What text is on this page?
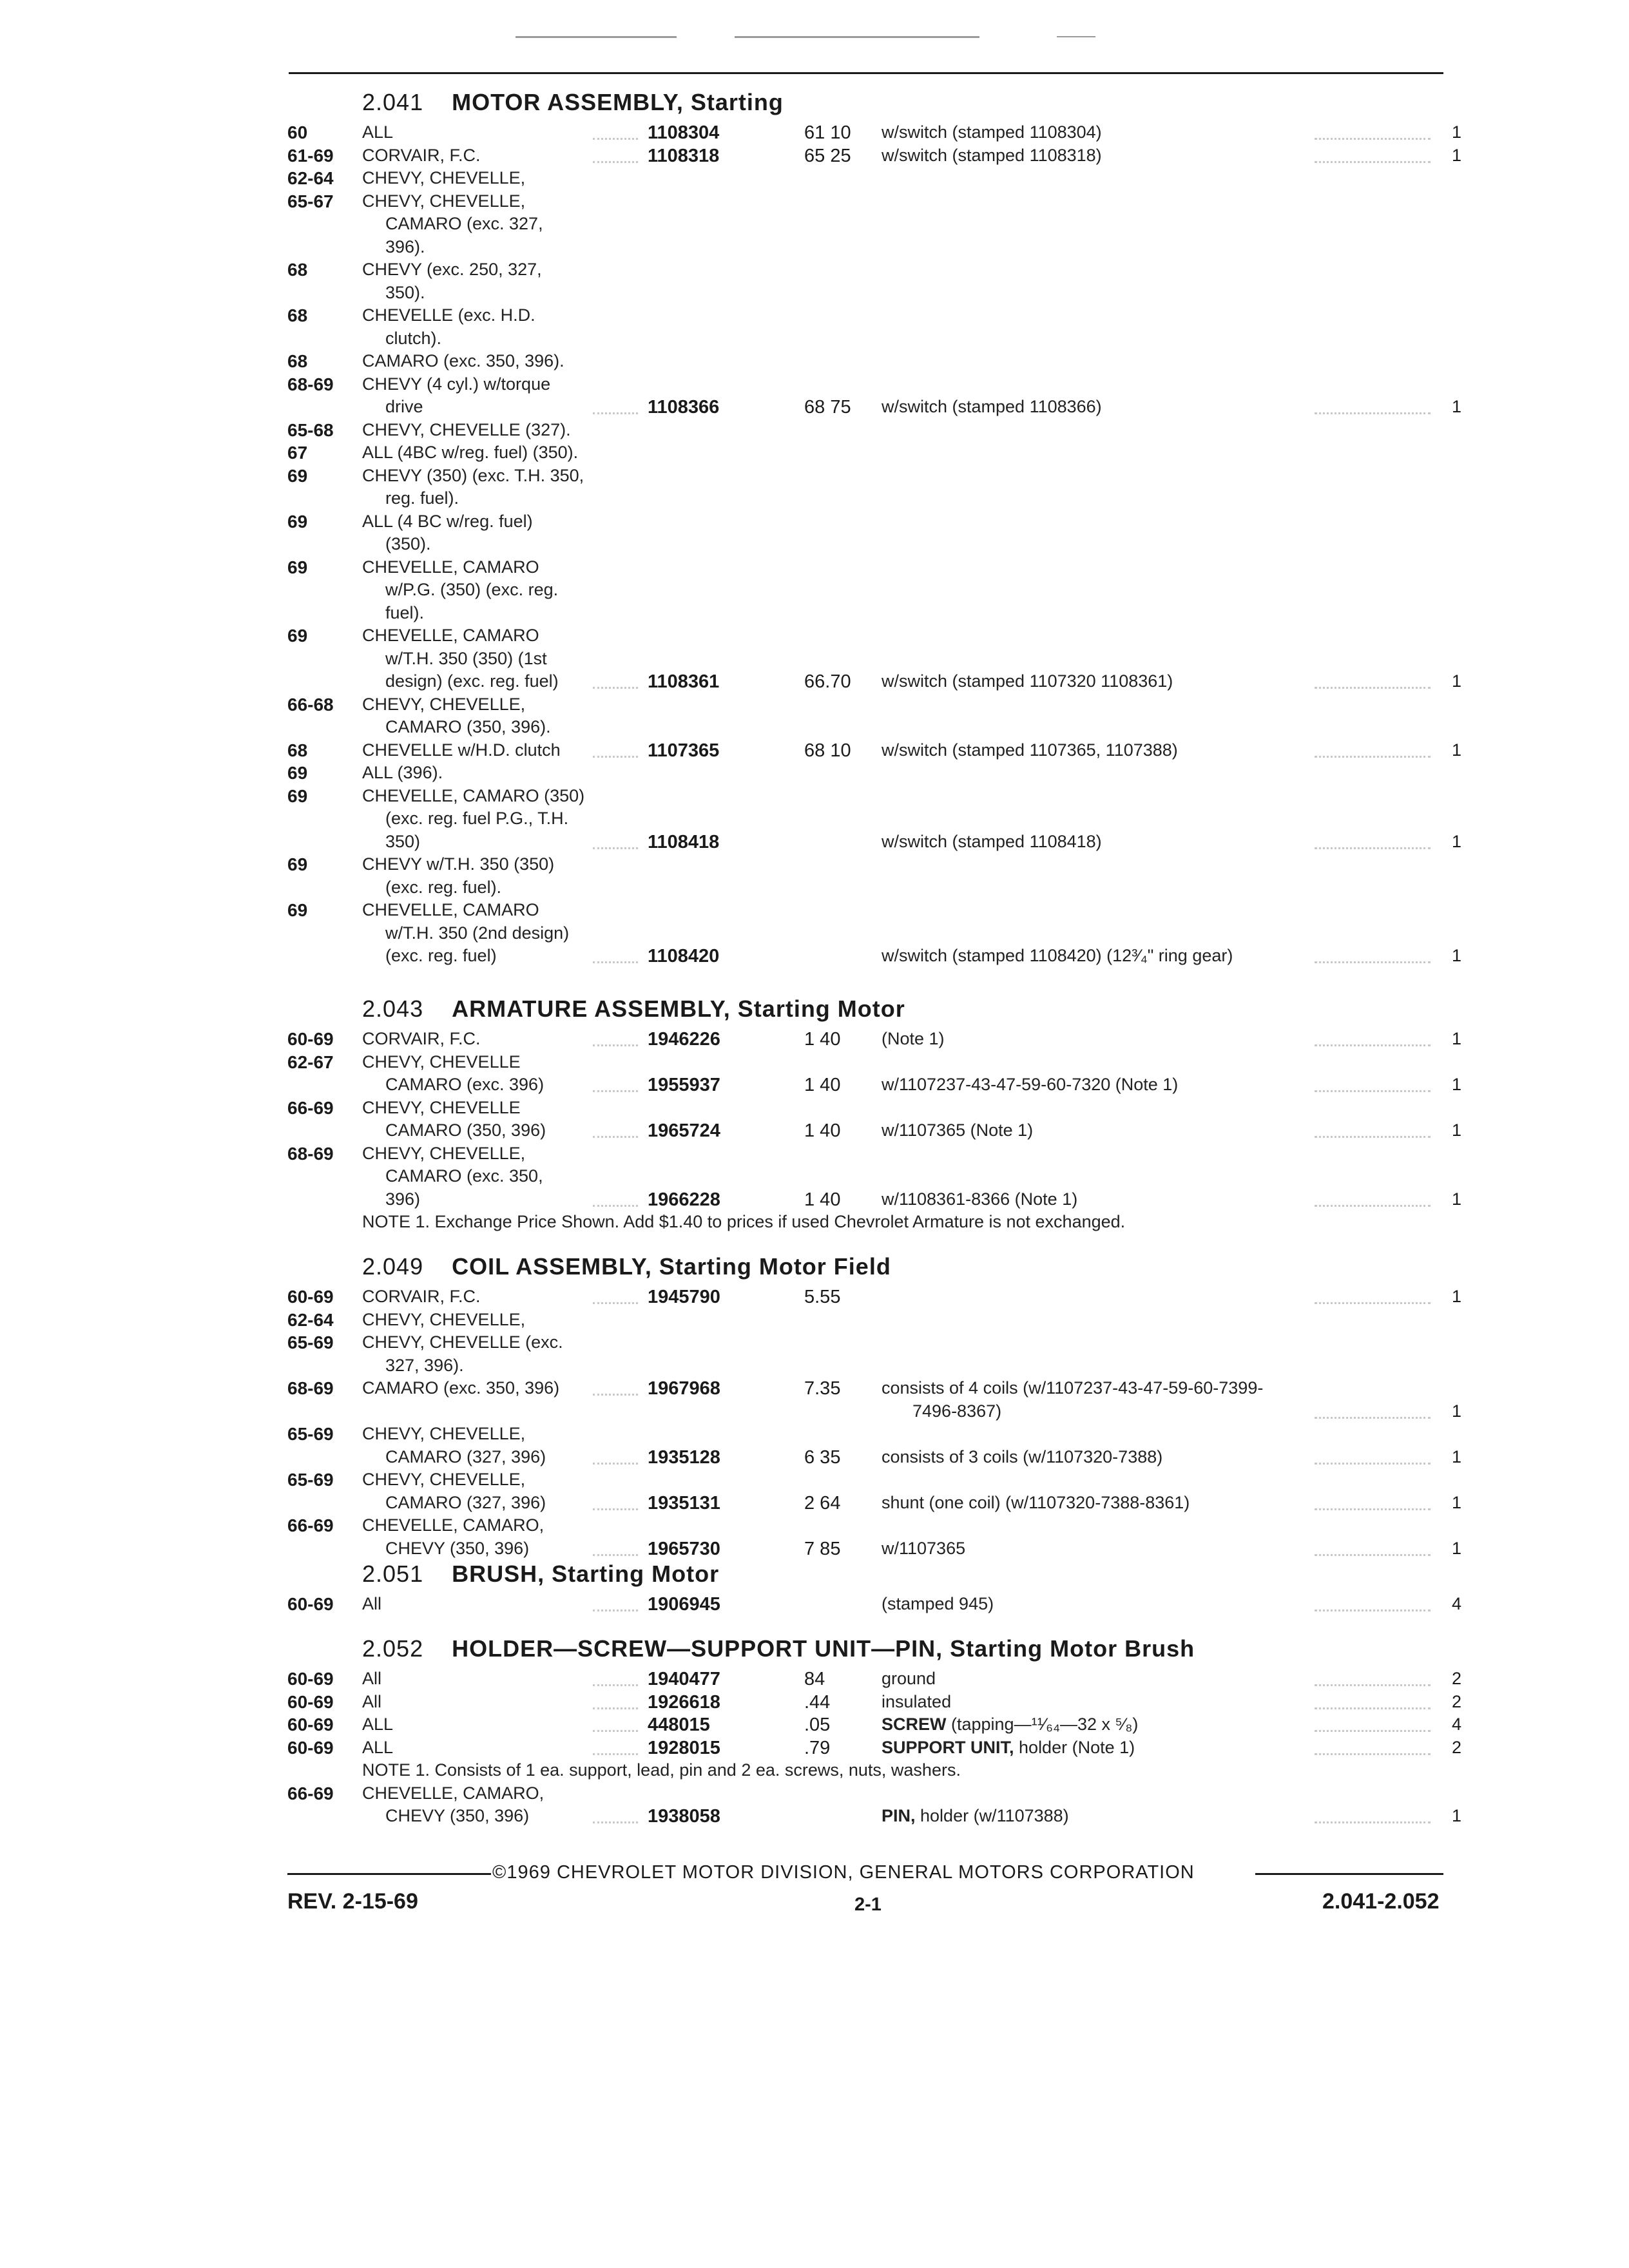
2.041 MOTOR ASSEMBLY, Starting
60	ALL	1108304	61 10 w/switch (stamped 1108304)	1
61-69 CORVAIR, F.C.	1108318	65 25 w/switch (stamped 1108318)	1
62-64 CHEVY, CHEVELLE,
65-67 CHEVY, CHEVELLE,
CAMARO (exc. 327,
396).
68	CHEVY (exc. 250, 327,
350).
68	CHEVELLE (exc. H.D.
clutch).
68	CAMARO (exc. 350, 396).
68-69 CHEVY (4 cyl.) w/torque
drive	1108366	68 75 w/switch (stamped 1108366)	1
65-68 CHEVY, CHEVELLE (327).
67	ALL (4BC w/reg. fuel) (350).
69	CHEVY (350) (exc. T.H. 350,
reg. fuel).
69	ALL (4 BC w/reg. fuel)
(350).
69	CHEVELLE, CAMARO
w/P.G. (350) (exc. reg.
fuel).
69	CHEVELLE, CAMARO
w/T.H. 350 (350) (1st
design) (exc. reg. fuel)	1108361	66.70 w/switch (stamped 1107320 1108361)	1
66-68 CHEVY, CHEVELLE,
CAMARO (350, 396).
68	CHEVELLE w/H.D. clutch	1107365	68 10 w/switch (stamped 1107365, 1107388)	1
69	ALL (396).
69	CHEVELLE, CAMARO (350)
(exc. reg. fuel P.G., T.H.
350)	1108418	w/switch (stamped 1108418)	1
69	CHEVY w/T.H. 350 (350)
(exc. reg. fuel).
69	CHEVELLE, CAMARO
w/T.H. 350 (2nd design)
(exc. reg. fuel)	1108420	w/switch (stamped 1108420) (12³⁄₄" ring gear)	1
2.043 ARMATURE ASSEMBLY, Starting Motor
60-69 CORVAIR, F.C.	1946226	1 40 (Note 1)	1
62-67 CHEVY, CHEVELLE
CAMARO (exc. 396)	1955937	1 40 w/1107237-43-47-59-60-7320 (Note 1)	1
66-69 CHEVY, CHEVELLE
CAMARO (350, 396)	1965724	1 40 w/1107365 (Note 1)	1
68-69 CHEVY, CHEVELLE,
CAMARO (exc. 350,
396)	1966228	1 40 w/1108361-8366 (Note 1)	1
NOTE 1. Exchange Price Shown. Add $1.40 to prices if used Chevrolet Armature is not exchanged.
2.049 COIL ASSEMBLY, Starting Motor Field
60-69 CORVAIR, F.C.	1945790	5.55	1
62-64 CHEVY, CHEVELLE,
65-69 CHEVY, CHEVELLE (exc.
327, 396).
68-69 CAMARO (exc. 350, 396)	1967968	7.35 consists of 4 coils (w/1107237-43-47-59-60-7399-
7496-8367)	1
65-69 CHEVY, CHEVELLE,
CAMARO (327, 396)	1935128	6 35 consists of 3 coils (w/1107320-7388)	1
65-69 CHEVY, CHEVELLE,
CAMARO (327, 396)	1935131	2 64 shunt (one coil) (w/1107320-7388-8361)	1
66-69 CHEVELLE, CAMARO,
CHEVY (350, 396)	1965730	7 85 w/1107365	1
2.051 BRUSH, Starting Motor
60-69 All	1906945	(stamped 945)	4
2.052 HOLDER—SCREW—SUPPORT UNIT—PIN, Starting Motor Brush
60-69 All	1940477	84	ground	2
60-69 All	1926618	.44	insulated	2
60-69 ALL	448015	.05	SCREW (tapping—¹¹⁄₆₄—32 x ⁵⁄₈)	4
60-69 ALL	1928015	.79	SUPPORT UNIT, holder (Note 1)	2
NOTE 1. Consists of 1 ea. support, lead, pin and 2 ea. screws, nuts, washers.
66-69 CHEVELLE, CAMARO,
CHEVY (350, 396)	1938058	PIN, holder (w/1107388)	1
©1969 CHEVROLET MOTOR DIVISION, GENERAL MOTORS CORPORATION
REV. 2-15-69	2-1	2.041-2.052
